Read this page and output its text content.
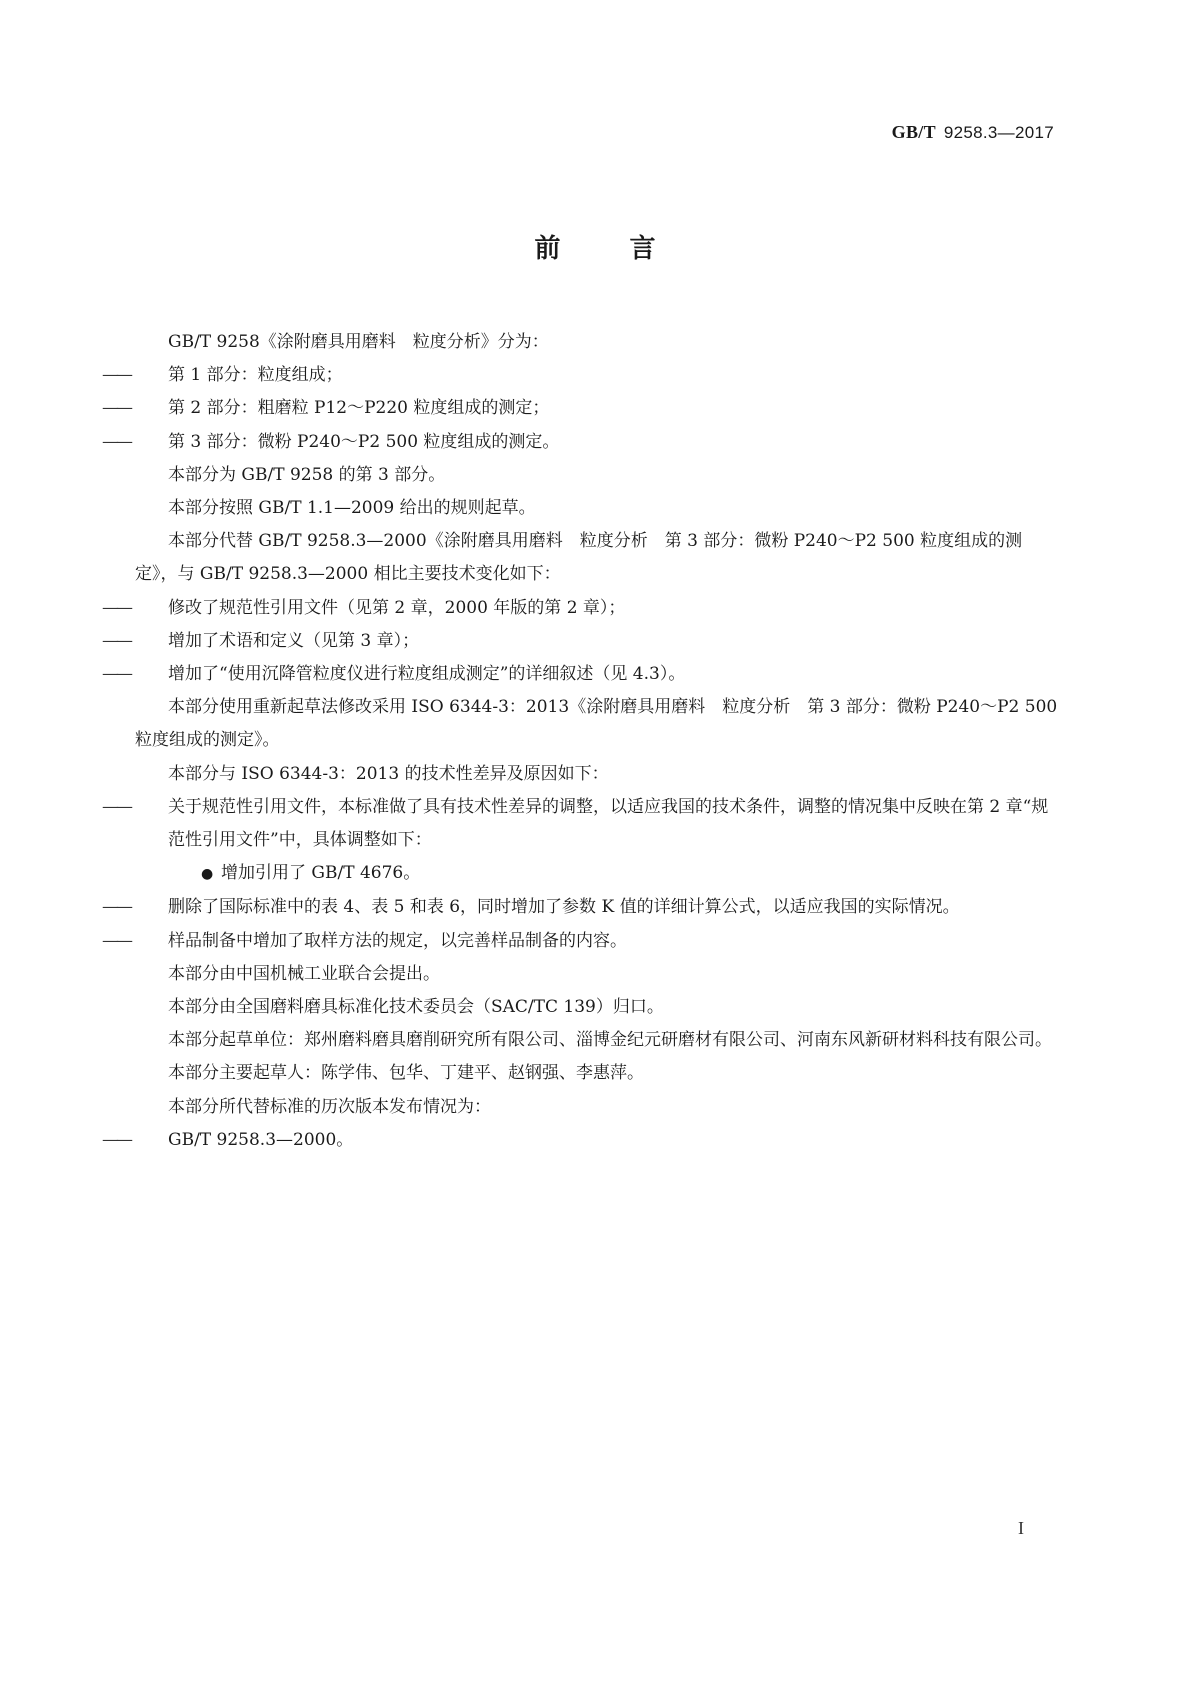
GB/T 9258.3—2017
前	言

GB/T 9258《涂附磨具用磨料　粒度分析》分为：

—— 第 1 部分：粒度组成；

—— 第 2 部分：粗磨粒 P12～P220 粒度组成的测定；

—— 第 3 部分：微粉 P240～P2 500 粒度组成的测定。

本部分为 GB/T 9258 的第 3 部分。

本部分按照 GB/T 1.1—2009 给出的规则起草。

本部分代替 GB/T 9258.3—2000《涂附磨具用磨料　粒度分析　第 3 部分：微粉 P240～P2 500 粒度组成的测定》，与 GB/T 9258.3—2000 相比主要技术变化如下：

—— 修改了规范性引用文件（见第 2 章，2000 年版的第 2 章）；

—— 增加了术语和定义（见第 3 章）；

—— 增加了“使用沉降管粒度仪进行粒度组成测定”的详细叙述（见 4.3）。

本部分使用重新起草法修改采用 ISO 6344-3：2013《涂附磨具用磨料　粒度分析　第 3 部分：微粉 P240～P2 500 粒度组成的测定》。

本部分与 ISO 6344-3：2013 的技术性差异及原因如下：

—— 关于规范性引用文件，本标准做了具有技术性差异的调整，以适应我国的技术条件，调整的情况集中反映在第 2 章“规范性引用文件”中，具体调整如下：

● 增加引用了 GB/T 4676。

—— 删除了国际标准中的表 4、表 5 和表 6，同时增加了参数 K 值的详细计算公式，以适应我国的实际情况。

—— 样品制备中增加了取样方法的规定，以完善样品制备的内容。

本部分由中国机械工业联合会提出。

本部分由全国磨料磨具标准化技术委员会（SAC/TC 139）归口。

本部分起草单位：郑州磨料磨具磨削研究所有限公司、淄博金纪元研磨材有限公司、河南东风新研材料科技有限公司。

本部分主要起草人：陈学伟、包华、丁建平、赵钢强、李惠萍。

本部分所代替标准的历次版本发布情况为：

—— GB/T 9258.3—2000。

I
